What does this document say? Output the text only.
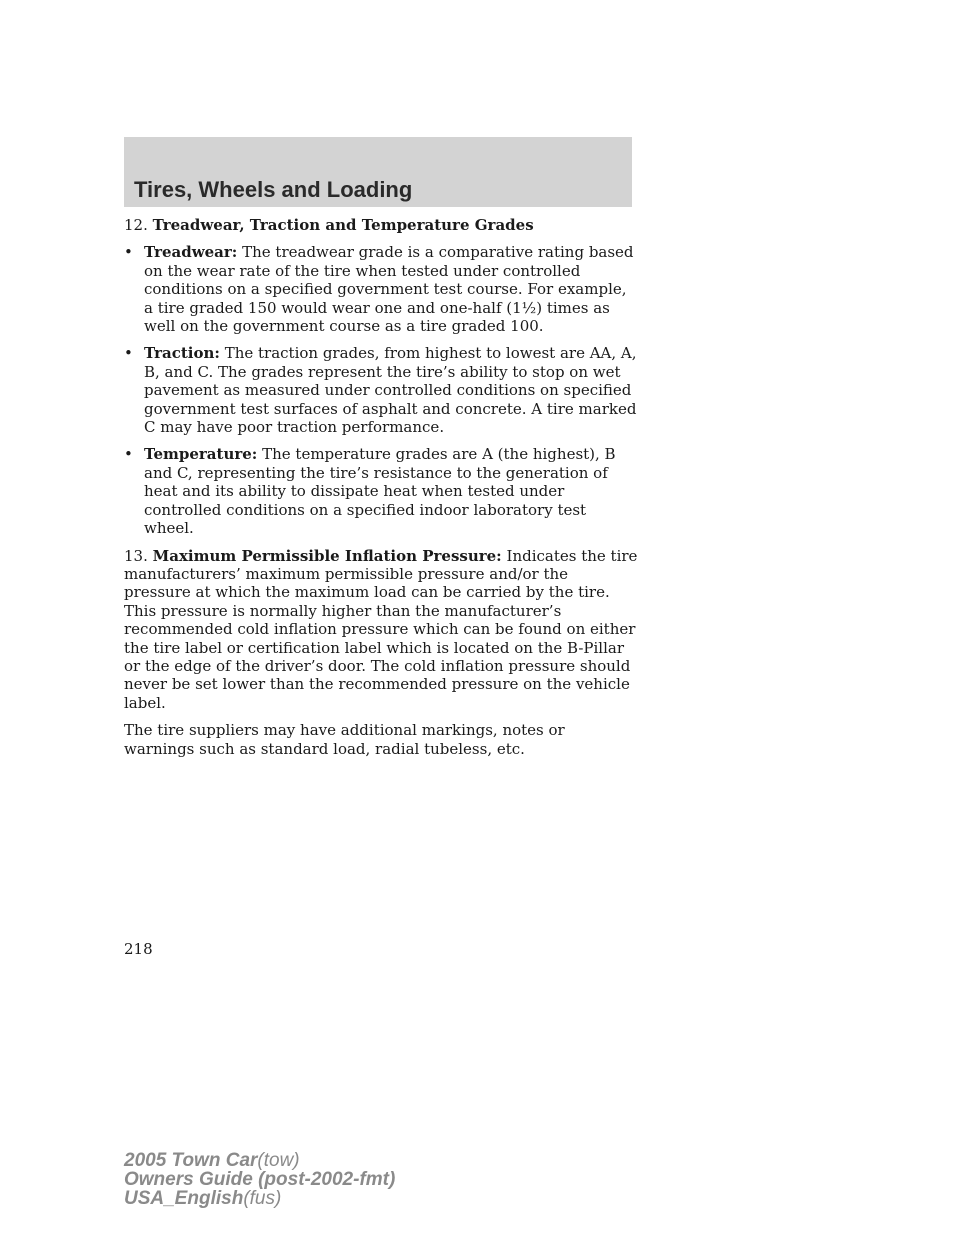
Tires, Wheels and Loading

12. Treadwear, Traction and Temperature Grades

• Treadwear: The treadwear grade is a comparative rating based on the wear rate of the tire when tested under controlled conditions on a specified government test course. For example, a tire graded 150 would wear one and one-half (1½) times as well on the government course as a tire graded 100.
• Traction: The traction grades, from highest to lowest are AA, A, B, and C. The grades represent the tire’s ability to stop on wet pavement as measured under controlled conditions on specified government test surfaces of asphalt and concrete. A tire marked C may have poor traction performance.
• Temperature: The temperature grades are A (the highest), B and C, representing the tire’s resistance to the generation of heat and its ability to dissipate heat when tested under controlled conditions on a specified indoor laboratory test wheel.

13. Maximum Permissible Inflation Pressure: Indicates the tire manufacturers’ maximum permissible pressure and/or the pressure at which the maximum load can be carried by the tire. This pressure is normally higher than the manufacturer’s recommended cold inflation pressure which can be found on either the tire label or certification label which is located on the B-Pillar or the edge of the driver’s door. The cold inflation pressure should never be set lower than the recommended pressure on the vehicle label.

The tire suppliers may have additional markings, notes or warnings such as standard load, radial tubeless, etc.

218
2005 Town Car(tow)
Owners Guide (post-2002-fmt)
USA_English(fus)
